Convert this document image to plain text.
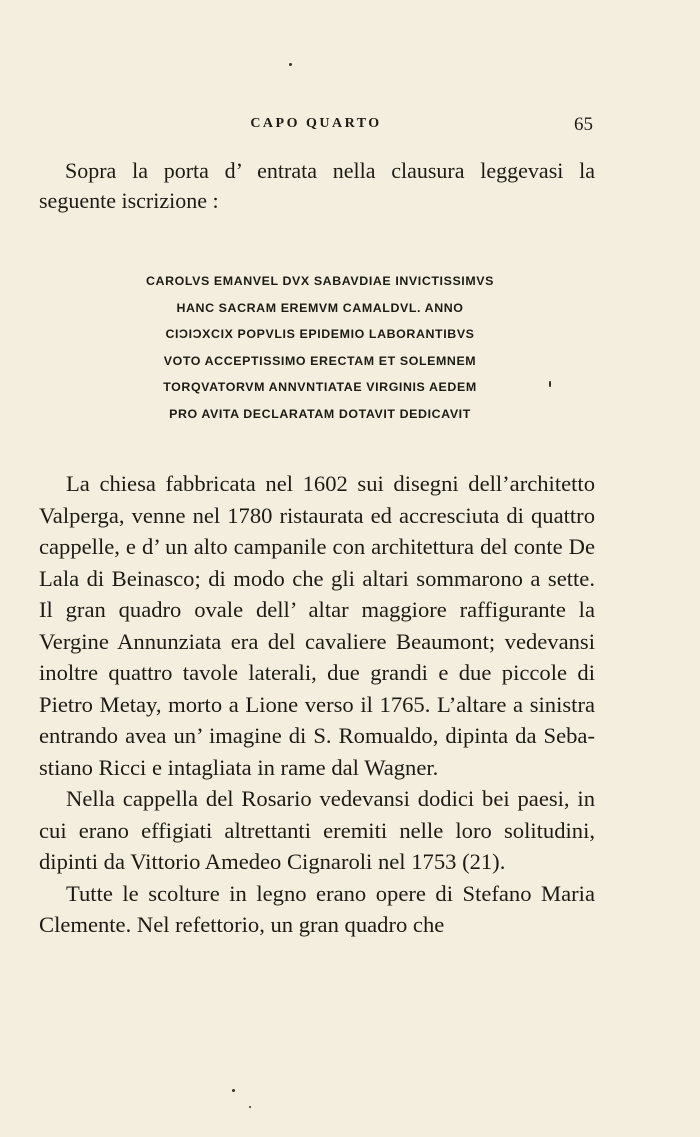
CAPO QUARTO	65

Sopra la porta d’ entrata nella clausura leggevasi la seguente iscrizione :

CAROLVS EMANVEL DVX SABAVDIAE INVICTISSIMVS
HANC SACRAM EREMVM CAMALDVL. ANNO
CIƆIƆXCIX POPVLIS EPIDEMIO LABORANTIBVS
VOTO ACCEPTISSIMO ERECTAM ET SOLEMNEM
TORQVATORVM ANNVNTIATAE VIRGINIS AEDEM
PRO AVITA DECLARATAM DOTAVIT DEDICAVIT

La chiesa fabbricata nel 1602 sui disegni dell’architetto Valperga, venne nel 1780 ristaurata ed accresciuta di quattro cappelle, e d’ un alto campanile con architettura del conte De Lala di Beinasco; di modo che gli altari sommarono a sette. Il gran quadro ovale dell’ altar maggiore raffigurante la Vergine Annunziata era del cavaliere Beaumont; vedevansi inoltre quattro tavole laterali, due grandi e due piccole di Pietro Metay, morto a Lione verso il 1765. L’altare a sinistra entrando avea un’ imagine di S. Romualdo, dipinta da Sebastiano Ricci e intagliata in rame dal Wagner.

Nella cappella del Rosario vedevansi dodici bei paesi, in cui erano effigiati altrettanti eremiti nelle loro solitudini, dipinti da Vittorio Amedeo Cignaroli nel 1753 (21).

Tutte le scolture in legno erano opere di Stefano Maria Clemente. Nel refettorio, un gran quadro che
